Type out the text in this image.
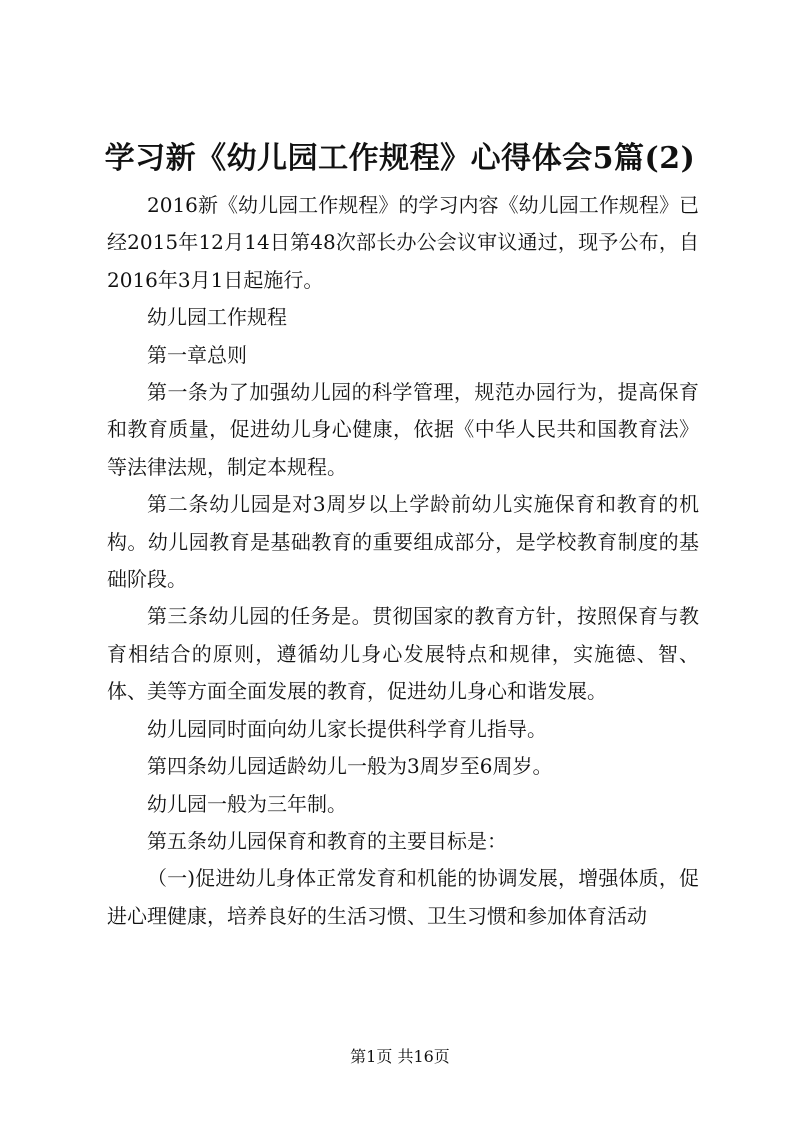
学习新《幼儿园工作规程》心得体会5篇(2)

2016新《幼儿园工作规程》的学习内容《幼儿园工作规程》已经2015年12月14日第48次部长办公会议审议通过，现予公布，自2016年3月1日起施行。

幼儿园工作规程

第一章总则

第一条为了加强幼儿园的科学管理，规范办园行为，提高保育和教育质量，促进幼儿身心健康，依据《中华人民共和国教育法》等法律法规，制定本规程。

第二条幼儿园是对3周岁以上学龄前幼儿实施保育和教育的机构。幼儿园教育是基础教育的重要组成部分，是学校教育制度的基础阶段。

第三条幼儿园的任务是。贯彻国家的教育方针，按照保育与教育相结合的原则，遵循幼儿身心发展特点和规律，实施德、智、体、美等方面全面发展的教育，促进幼儿身心和谐发展。

幼儿园同时面向幼儿家长提供科学育儿指导。

第四条幼儿园适龄幼儿一般为3周岁至6周岁。

幼儿园一般为三年制。

第五条幼儿园保育和教育的主要目标是：

（一)促进幼儿身体正常发育和机能的协调发展，增强体质，促进心理健康，培养良好的生活习惯、卫生习惯和参加体育活动

第1页 共16页
